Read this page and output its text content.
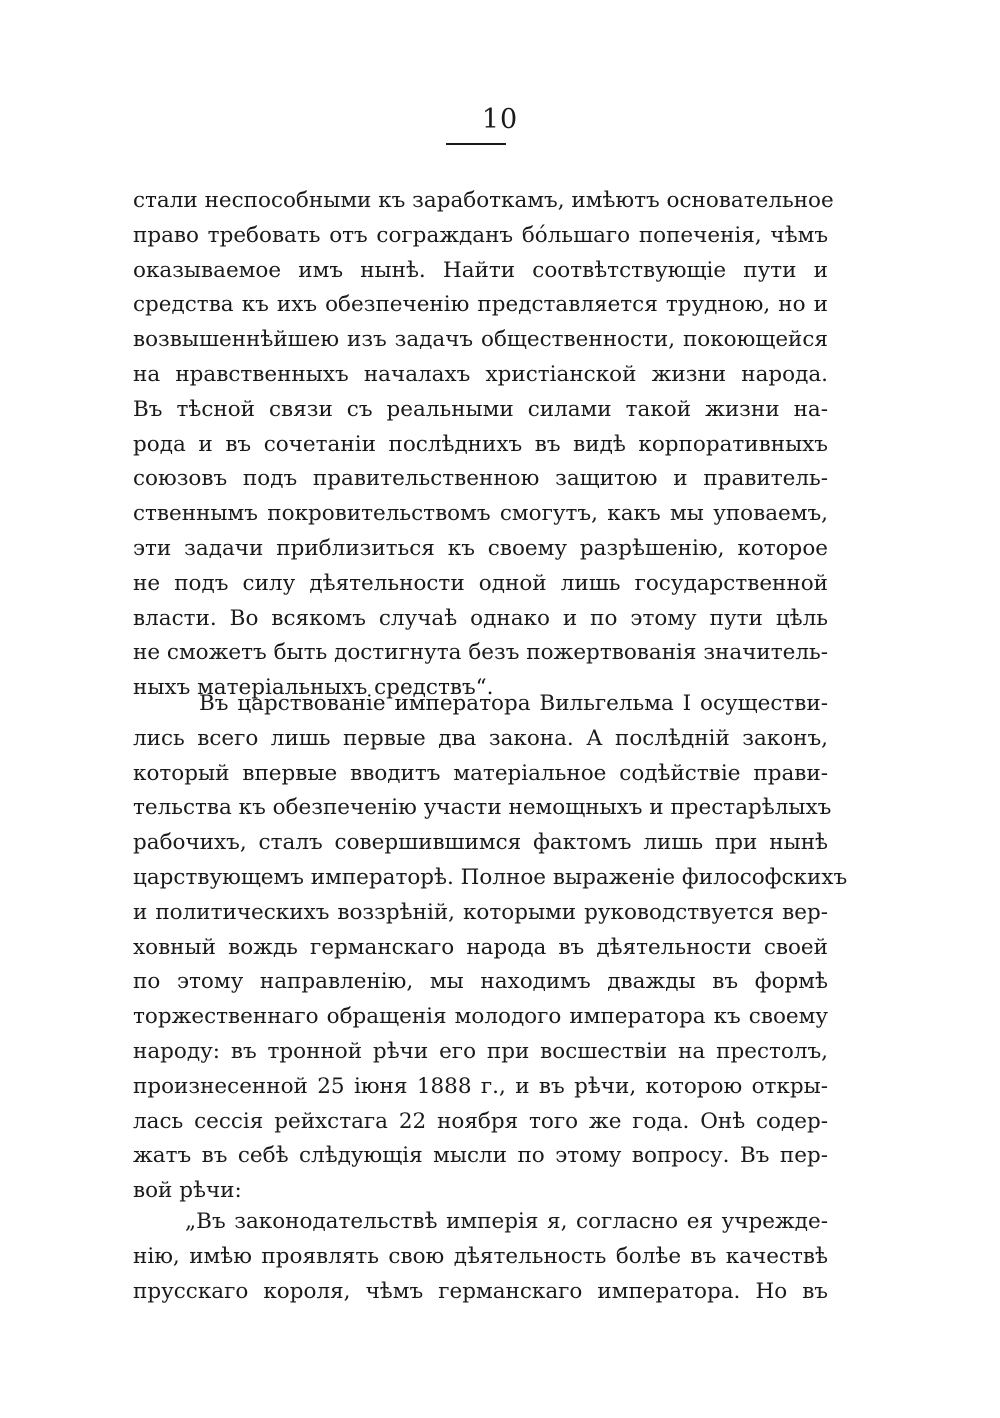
10
стали неспособными къ заработкамъ, имѣютъ основательное
право требовать отъ согражданъ бо́льшаго попеченія, чѣмъ
оказываемое имъ нынѣ. Найти соотвѣтствующіе пути и
средства къ ихъ обезпеченію представляется трудною, но и
возвышеннѣйшею изъ задачъ общественности, покоющейся
на нравственныхъ началахъ христіанской жизни народа.
Въ тѣсной связи съ реальными силами такой жизни на-
рода и въ сочетаніи послѣднихъ въ видѣ корпоративныхъ
союзовъ подъ правительственною защитою и правитель-
ственнымъ покровительствомъ смогутъ, какъ мы уповаемъ,
эти задачи приблизиться къ своему разрѣшенію, которое
не подъ силу дѣятельности одной лишь государственной
власти. Во всякомъ случаѣ однако и по этому пути цѣль
не сможетъ быть достигнута безъ пожертвованія значитель-
ныхъ матеріальныхъ средствъ“.
Въ царствованіе императора Вильгельма I осуществи-
лись всего лишь первые два закона. А послѣдній законъ,
который впервые вводитъ матеріальное содѣйствіе прави-
тельства къ обезпеченію участи немощныхъ и престарѣлыхъ
рабочихъ, сталъ совершившимся фактомъ лишь при нынѣ
царствующемъ императорѣ. Полное выраженіе философскихъ
и политическихъ воззрѣній, которыми руководствуется вер-
ховный вождь германскаго народа въ дѣятельности своей
по этому направленію, мы находимъ дважды въ формѣ
торжественнаго обращенія молодого императора къ своему
народу: въ тронной рѣчи его при восшествіи на престолъ,
произнесенной 25 іюня 1888 г., и въ рѣчи, которою откры-
лась сессія рейхстага 22 ноября того же года. Онѣ содер-
жатъ въ себѣ слѣдующія мысли по этому вопросу. Въ пер-
вой рѣчи:
„Въ законодательствѣ имперія я, согласно ея учрежде-
нію, имѣю проявлять свою дѣятельность болѣе въ качествѣ
прусскаго короля, чѣмъ германскаго императора. Но въ
